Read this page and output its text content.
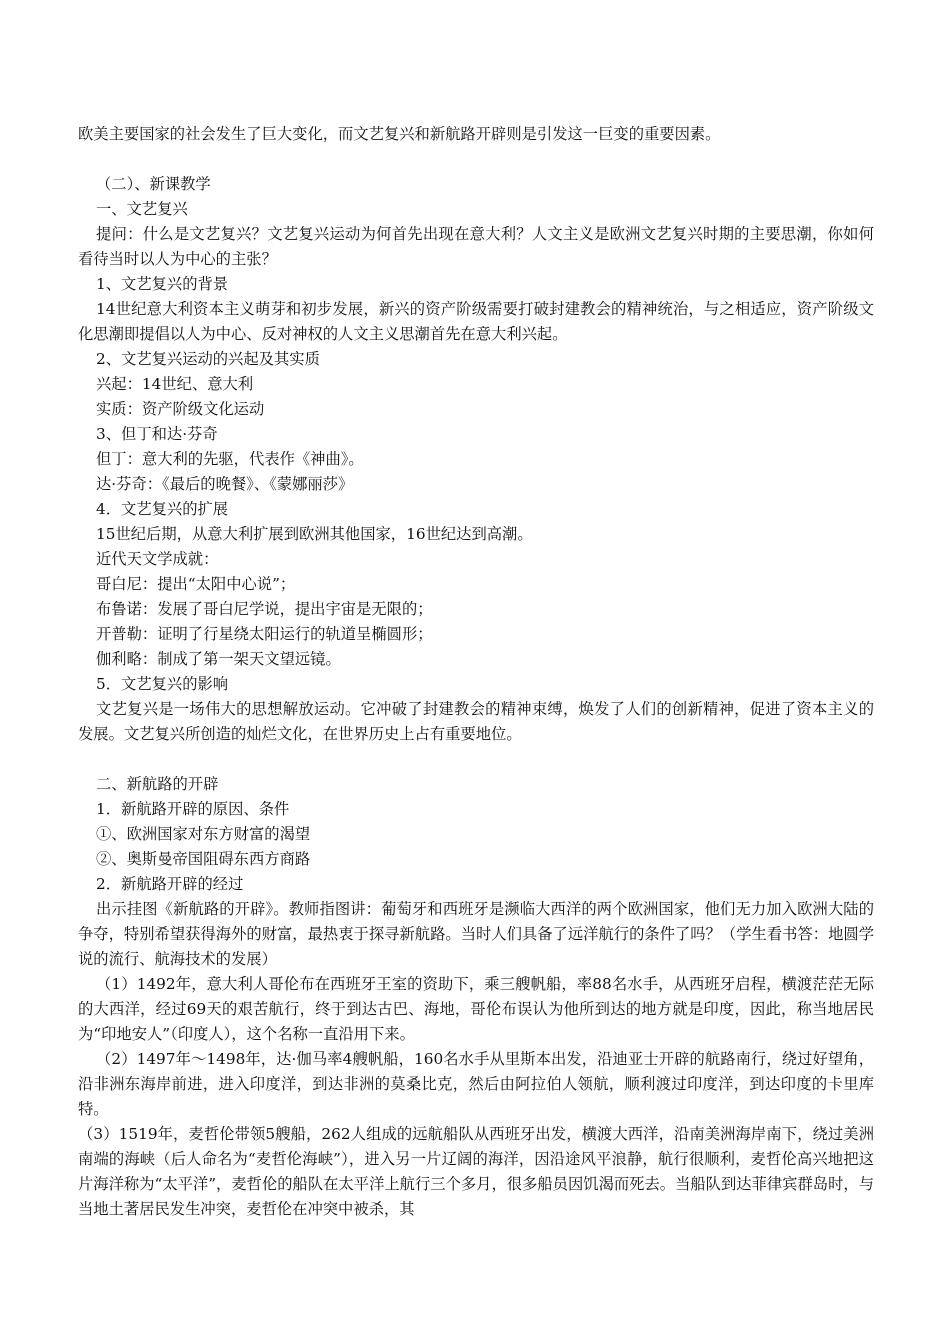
欧美主要国家的社会发生了巨大变化，而文艺复兴和新航路开辟则是引发这一巨变的重要因素。
（二）、新课教学
一、文艺复兴
提问：什么是文艺复兴？文艺复兴运动为何首先出现在意大利？人文主义是欧洲文艺复兴时期的主要思潮，你如何看待当时以人为中心的主张？
1、文艺复兴的背景
14世纪意大利资本主义萌芽和初步发展，新兴的资产阶级需要打破封建教会的精神统治，与之相适应，资产阶级文化思潮即提倡以人为中心、反对神权的人文主义思潮首先在意大利兴起。
2、文艺复兴运动的兴起及其实质
兴起：14世纪、意大利
实质：资产阶级文化运动
3、但丁和达·芬奇
但丁：意大利的先驱，代表作《神曲》。
达·芬奇：《最后的晚餐》、《蒙娜丽莎》
4．文艺复兴的扩展
15世纪后期，从意大利扩展到欧洲其他国家，16世纪达到高潮。
近代天文学成就：
哥白尼：提出“太阳中心说”；
布鲁诺：发展了哥白尼学说，提出宇宙是无限的；
开普勒：证明了行星绕太阳运行的轨道呈椭圆形；
伽利略：制成了第一架天文望远镜。
5．文艺复兴的影响
文艺复兴是一场伟大的思想解放运动。它冲破了封建教会的精神束缚，焕发了人们的创新精神，促进了资本主义的发展。文艺复兴所创造的灿烂文化，在世界历史上占有重要地位。
二、新航路的开辟
1．新航路开辟的原因、条件
①、欧洲国家对东方财富的渴望
②、奥斯曼帝国阻碍东西方商路
2．新航路开辟的经过
出示挂图《新航路的开辟》。教师指图讲：葡萄牙和西班牙是濒临大西洋的两个欧洲国家，他们无力加入欧洲大陆的争夺，特别希望获得海外的财富，最热衷于探寻新航路。当时人们具备了远洋航行的条件了吗？（学生看书答：地圆学说的流行、航海技术的发展）
（1）1492年，意大利人哥伦布在西班牙王室的资助下，乘三艘帆船，率88名水手，从西班牙启程，横渡茫茫无际的大西洋，经过69天的艰苦航行，终于到达古巴、海地，哥伦布误认为他所到达的地方就是印度，因此，称当地居民为“印地安人”（印度人），这个名称一直沿用下来。
（2）1497年～1498年，达·伽马率4艘帆船，160名水手从里斯本出发，沿迪亚士开辟的航路南行，绕过好望角，沿非洲东海岸前进，进入印度洋，到达非洲的莫桑比克，然后由阿拉伯人领航，顺利渡过印度洋，到达印度的卡里库特。
（3）1519年，麦哲伦带领5艘船，262人组成的远航船队从西班牙出发，横渡大西洋，沿南美洲海岸南下，绕过美洲南端的海峡（后人命名为“麦哲伦海峡”），进入另一片辽阔的海洋，因沿途风平浪静，航行很顺利，麦哲伦高兴地把这片海洋称为“太平洋”，麦哲伦的船队在太平洋上航行三个多月，很多船员因饥渴而死去。当船队到达菲律宾群岛时，与当地土著居民发生冲突，麦哲伦在冲突中被杀，其
